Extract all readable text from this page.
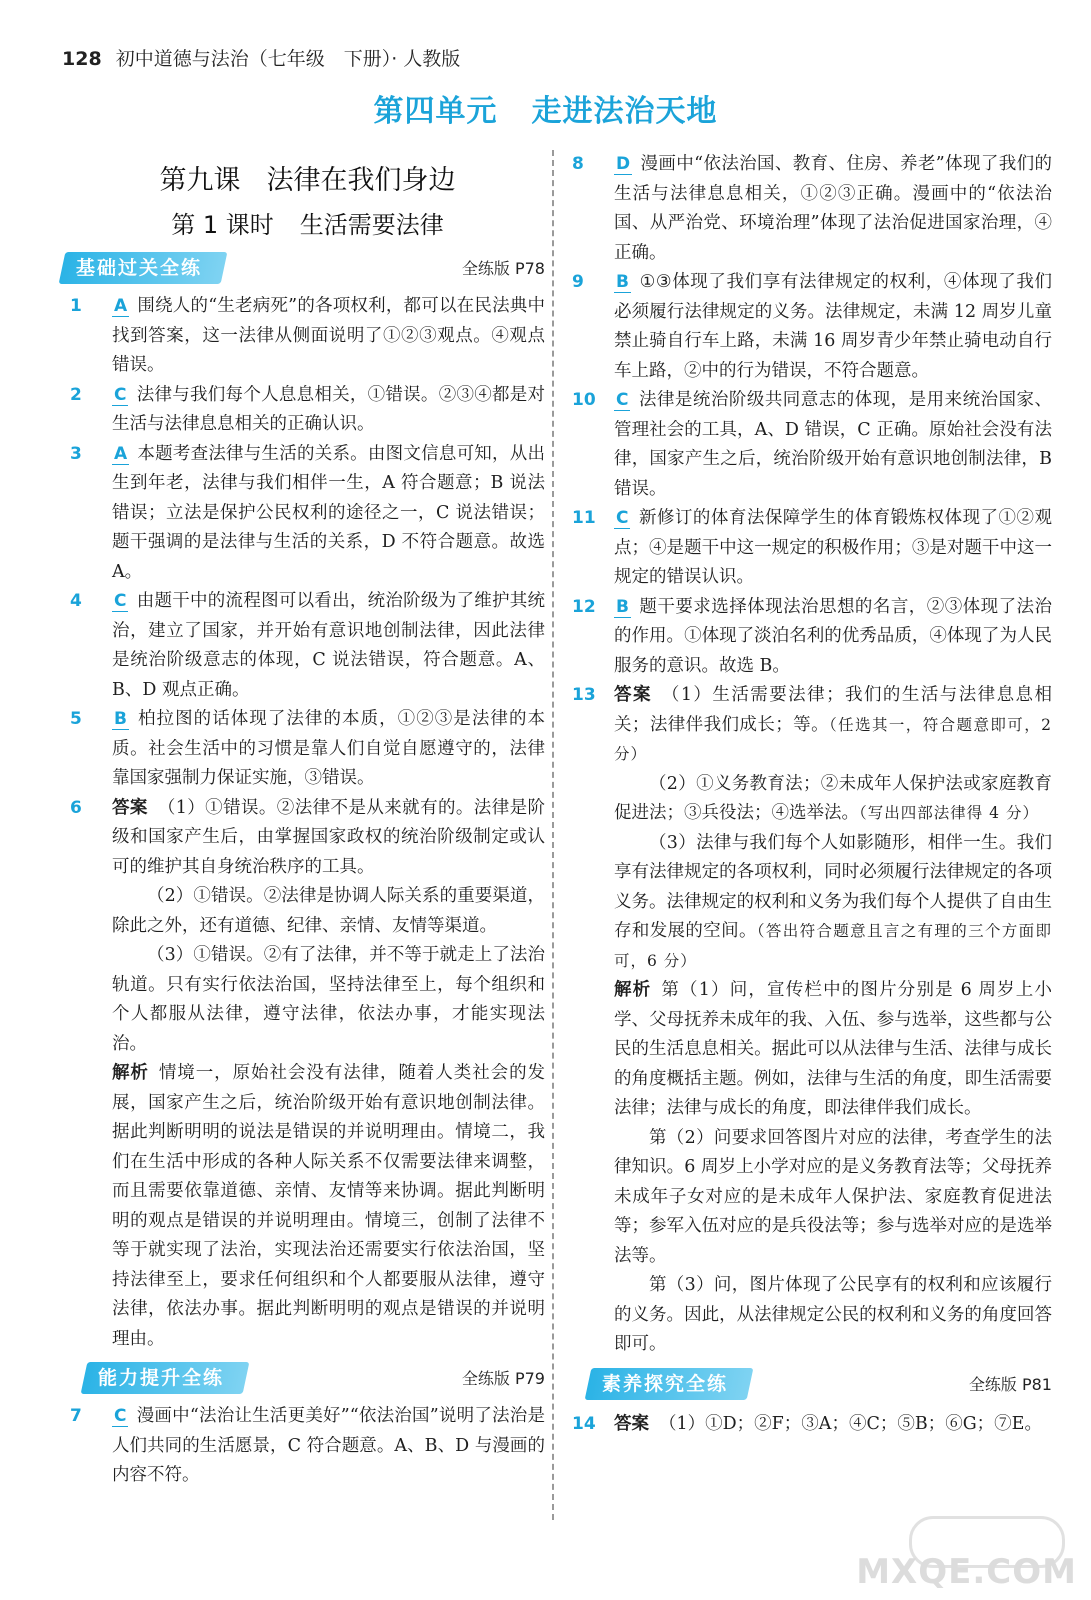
128 初中道德与法治（七年级　下册）· 人教版
第四单元 走进法治天地
第九课 法律在我们身边
第 1 课时 生活需要法律
基础过关全练	全练版 P78
1 A 围绕人的“生老病死”的各项权利，都可以在民法典中找到答案，这一法律从侧面说明了①②③观点。④观点错误。
2 C 法律与我们每个人息息相关，①错误。②③④都是对生活与法律息息相关的正确认识。
3 A 本题考查法律与生活的关系。由图文信息可知，从出生到年老，法律与我们相伴一生，A 符合题意；B 说法错误；立法是保护公民权利的途径之一，C 说法错误；题干强调的是法律与生活的关系，D 不符合题意。故选 A。
4 C 由题干中的流程图可以看出，统治阶级为了维护其统治，建立了国家，并开始有意识地创制法律，因此法律是统治阶级意志的体现，C 说法错误，符合题意。A、B、D 观点正确。
5 B 柏拉图的话体现了法律的本质，①②③是法律的本质。社会生活中的习惯是靠人们自觉自愿遵守的，法律靠国家强制力保证实施，③错误。
6 答案 （1）①错误。②法律不是从来就有的。法律是阶级和国家产生后，由掌握国家政权的统治阶级制定或认可的维护其自身统治秩序的工具。

（2）①错误。②法律是协调人际关系的重要渠道，除此之外，还有道德、纪律、亲情、友情等渠道。

（3）①错误。②有了法律，并不等于就走上了法治轨道。只有实行依法治国，坚持法律至上，每个组织和个人都服从法律，遵守法律，依法办事，才能实现法治。

解析 情境一，原始社会没有法律，随着人类社会的发展，国家产生之后，统治阶级开始有意识地创制法律。据此判断明明的说法是错误的并说明理由。情境二，我们在生活中形成的各种人际关系不仅需要法律来调整，而且需要依靠道德、亲情、友情等来协调。据此判断明明的观点是错误的并说明理由。情境三，创制了法律不等于就实现了法治，实现法治还需要实行依法治国，坚持法律至上，要求任何组织和个人都要服从法律，遵守法律，依法办事。据此判断明明的观点是错误的并说明理由。

能力提升全练	全练版 P79
7 C 漫画中“法治让生活更美好”“依法治国”说明了法治是人们共同的生活愿景，C 符合题意。A、B、D 与漫画的内容不符。
8 D 漫画中“依法治国、教育、住房、养老”体现了我们的生活与法律息息相关，①②③正确。漫画中的“依法治国、从严治党、环境治理”体现了法治促进国家治理，④正确。
9 B ①③体现了我们享有法律规定的权利，④体现了我们必须履行法律规定的义务。法律规定，未满 12 周岁儿童禁止骑自行车上路，未满 16 周岁青少年禁止骑电动自行车上路，②中的行为错误，不符合题意。
10 C 法律是统治阶级共同意志的体现，是用来统治国家、管理社会的工具，A、D 错误，C 正确。原始社会没有法律，国家产生之后，统治阶级开始有意识地创制法律，B 错误。
11 C 新修订的体育法保障学生的体育锻炼权体现了①②观点；④是题干中这一规定的积极作用；③是对题干中这一规定的错误认识。
12 B 题干要求选择体现法治思想的名言，②③体现了法治的作用。①体现了淡泊名利的优秀品质，④体现了为人民服务的意识。故选 B。
13 答案 （1）生活需要法律；我们的生活与法律息息相关；法律伴我们成长；等。（任选其一，符合题意即可，2 分）

（2）①义务教育法；②未成年人保护法或家庭教育促进法；③兵役法；④选举法。（写出四部法律得 4 分）

（3）法律与我们每个人如影随形，相伴一生。我们享有法律规定的各项权利，同时必须履行法律规定的各项义务。法律规定的权利和义务为我们每个人提供了自由生存和发展的空间。（答出符合题意且言之有理的三个方面即可，6 分）

解析 第（1）问，宣传栏中的图片分别是 6 周岁上小学、父母抚养未成年的我、入伍、参与选举，这些都与公民的生活息息相关。据此可以从法律与生活、法律与成长的角度概括主题。例如，法律与生活的角度，即生活需要法律；法律与成长的角度，即法律伴我们成长。

第（2）问要求回答图片对应的法律，考查学生的法律知识。6 周岁上小学对应的是义务教育法等；父母抚养未成年子女对应的是未成年人保护法、家庭教育促进法等；参军入伍对应的是兵役法等；参与选举对应的是选举法等。

第（3）问，图片体现了公民享有的权利和应该履行的义务。因此，从法律规定公民的权利和义务的角度回答即可。

素养探究全练	全练版 P81
14 答案 （1）①D；②F；③A；④C；⑤B；⑥G；⑦E。
MXQE.COM
